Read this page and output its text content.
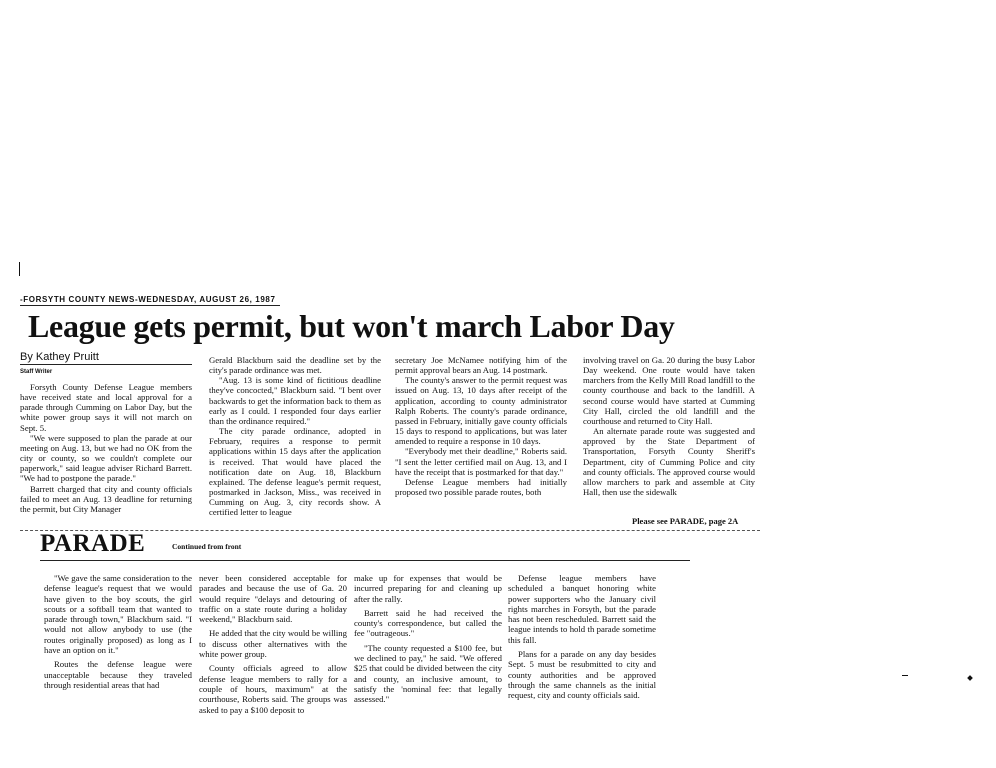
-FORSYTH COUNTY NEWS-WEDNESDAY, AUGUST 26, 1987
League gets permit, but won't march Labor Day
By Kathey Pruitt
Staff Writer

Forsyth County Defense League members have received state and local approval for a parade through Cumming on Labor Day, but the white power group says it will not march on Sept. 5.

"We were supposed to plan the parade at our meeting on Aug. 13, but we had no OK from the city or county, so we couldn't complete our paperwork," said league adviser Richard Barrett. "We had to postpone the parade."

Barrett charged that city and county officials failed to meet an Aug. 13 deadline for returning the permit, but City Manager

Gerald Blackburn said the deadline set by the city's parade ordinance was met.

"Aug. 13 is some kind of fictitious deadline they've concocted," Blackburn said. "I bent over backwards to get the information back to them as early as I could. I responded four days earlier than the ordinance required."

The city parade ordinance, adopted in February, requires a response to permit applications within 15 days after the application is received. That would have placed the notification date on Aug. 18, Blackburn explained. The defense league's permit request, postmarked in Jackson, Miss., was received in Cumming on Aug. 3, city records show. A certified letter to league

secretary Joe McNamee notifying him of the permit approval bears an Aug. 14 postmark.

The county's answer to the permit request was issued on Aug. 13, 10 days after receipt of the application, according to county administrator Ralph Roberts. The county's parade ordinance, passed in February, initially gave county officials 15 days to respond to applications, but was later amended to require a response in 10 days.

"Everybody met their deadline," Roberts said. "I sent the letter certified mail on Aug. 13, and I have the receipt that is postmarked for that day."

Defense League members had initially proposed two possible parade routes, both

involving travel on Ga. 20 during the busy Labor Day weekend. One route would have taken marchers from the Kelly Mill Road landfill to the county courthouse and back to the landfill. A second course would have started at Cumming City Hall, circled the old landfill and the courthouse and returned to City Hall.

An alternate parade route was suggested and approved by the State Department of Transportation, Forsyth County Sheriff's Department, city of Cumming Police and city and county officials. The approved course would allow marchers to park and assemble at City Hall, then use the sidewalk

Please see PARADE, page 2A
PARADE	Continued from front

"We gave the same consideration to the defense league's request that we would have given to the boy scouts, the girl scouts or a softball team that wanted to parade through town," Blackburn said. "I would not allow anybody to use (the routes originally proposed) as long as I have an option on it."

Routes the defense league were unacceptable because they traveled through residential areas that had

never been considered acceptable for parades and because the use of Ga. 20 would require "delays and detouring of traffic on a state route during a holiday weekend," Blackburn said.

He added that the city would be willing to discuss other alternatives with the white power group.

County officials agreed to allow defense league members to rally for a couple of hours, maximum" at the courthouse, Roberts said. The groups was asked to pay a $100 deposit to

make up for expenses that would be incurred preparing for and cleaning up after the rally.

Barrett said he had received the county's correspondence, but called the fee "outrageous."

"The county requested a $100 fee, but we declined to pay," he said. "We offered $25 that could be divided between the city and county, an inclusive amount, to satisfy the 'nominal fee: that legally assessed."

Defense league members have scheduled a banquet honoring white power supporters who the January civil rights marches in Forsyth, but the parade has not been rescheduled. Barrett said the league intends to hold th parade sometime this fall.

Plans for a parade on any day besides Sept. 5 must be resubmitted to city and county authorities and be approved through the same channels as the initial request, city and county officials said.
